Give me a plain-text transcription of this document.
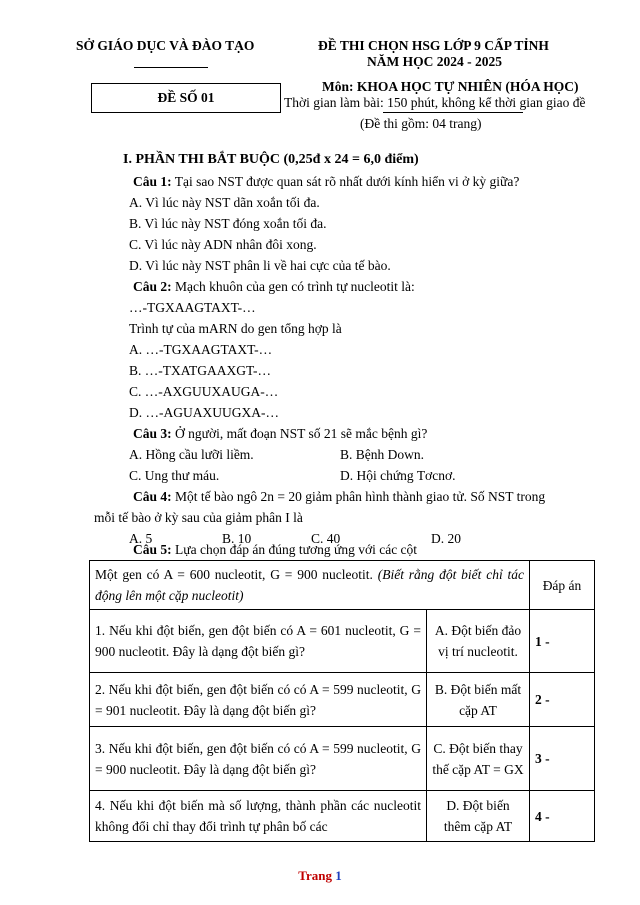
SỞ GIÁO DỤC VÀ ĐÀO TẠO
ĐỀ SỐ 01
ĐỀ THI CHỌN HSG LỚP 9 CẤP TỈNH
NĂM HỌC 2024 - 2025
Môn: KHOA HỌC TỰ NHIÊN (HÓA HỌC)
Thời gian làm bài: 150 phút, không kể thời gian giao đề
(Đề thi gồm: 04 trang)
I. PHẦN THI BẮT BUỘC (0,25đ x 24 = 6,0 điểm)
Câu 1: Tại sao NST được quan sát rõ nhất dưới kính hiển vi ở kỳ giữa?
A. Vì lúc này NST dãn xoắn tối đa.
B. Vì lúc này NST đóng xoắn tối đa.
C. Vì lúc này ADN nhân đôi xong.
D. Vì lúc này NST phân li về hai cực của tế bào.
Câu 2: Mạch khuôn của gen có trình tự nucleotit là:
…-TGXAAGTAXT-…
Trình tự của mARN do gen tổng hợp là
A. …-TGXAAGTAXT-…
B. …-TXATGAAXGT-…
C. …-AXGUUXAUGA-…
D. …-AGUAXUUGXA-…
Câu 3: Ở người, mất đoạn NST số 21 sẽ mắc bệnh gì?
A. Hồng cầu lưỡi liềm.	B. Bệnh Down.
C. Ung thư máu.	D. Hội chứng Tơcnơ.
Câu 4: Một tế bào ngô 2n = 20 giảm phân hình thành giao tử. Số NST trong
mỗi tế bào ở kỳ sau của giảm phân I là
A. 5	B. 10	C. 40	D. 20
Câu 5: Lựa chọn đáp án đúng tương ứng với các cột
Một gen có A = 600 nucleotit, G = 900 nucleotit. (Biết rằng đột biết chỉ tác động lên một cặp nucleotit)		Đáp án
1. Nếu khi đột biến, gen đột biến có A = 601 nucleotit, G = 900 nucleotit. Đây là dạng đột biến gì?	A. Đột biến đảo vị trí nucleotit.	1 -
2. Nếu khi đột biến, gen đột biến có có A = 599 nucleotit, G = 901 nucleotit. Đây là dạng đột biến gì?	B. Đột biến mất cặp AT	2 -
3. Nếu khi đột biến, gen đột biến có có A = 599 nucleotit, G = 900 nucleotit. Đây là dạng đột biến gì?	C. Đột biến thay thế cặp AT = GX	3 -
4. Nếu khi đột biến mà số lượng, thành phần các nucleotit không đổi chỉ thay đổi trình tự phân bố các	D. Đột biến thêm cặp AT	4 -
Trang 1
